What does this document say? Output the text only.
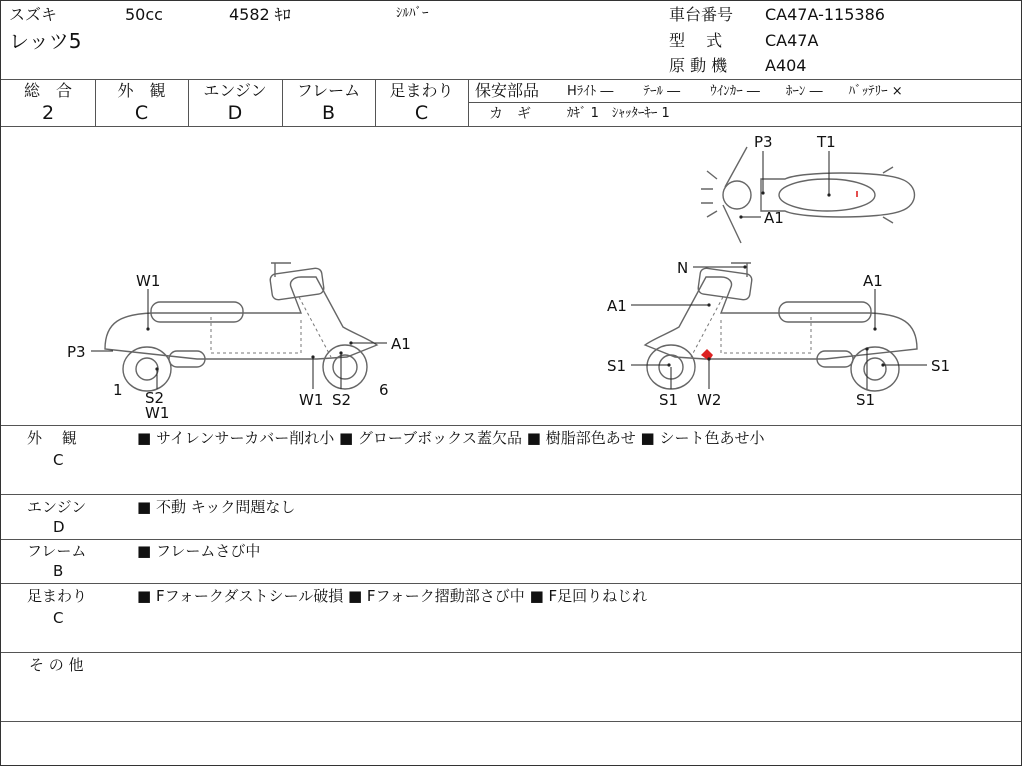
スズキ	50cc	4582 ｷﾛ	ｼﾙﾊﾞｰ
レッツ5
車台番号 CA47A-115386
型　 式	CA47A
原 動 機 A404
総　合
2
外　観
C
エンジン
D
フレーム
B
足まわり
C
保安部品 Hﾗｲﾄ ―　　 ﾃｰﾙ ―　　 ｳｲﾝｶｰ ―　　ﾎｰﾝ ―　　ﾊﾞｯﾃﾘｰ ×
カ　ギ	ｶｷﾞ 1　ｼｬｯﾀｰｷｰ 1
W1
P3	A1
1 S2
W1
W1 S2
6
P3	T1
A1
N
A1
A1
S1	S1
S1 W2	S1
外　 観
C
■ サイレンサーカバー削れ小 ■ グローブボックス蓋欠品 ■ 樹脂部色あせ ■ シート色あせ小
エンジン
D
■ 不動 キック問題なし
フレーム
B
■ フレームさび中
足まわり
C
■ Fフォークダストシール破損 ■ Fフォーク摺動部さび中 ■ F足回りねじれ
そ の 他
